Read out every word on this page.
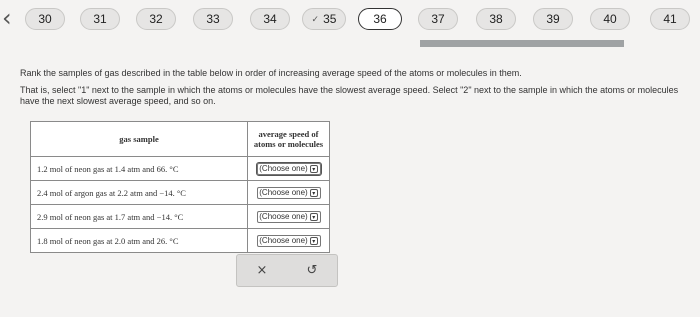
‹ 30	31	32	33	34	✓ 35	36	37	38	39	40	41

Rank the samples of gas described in the table below in order of increasing average speed of the atoms or molecules in them.

That is, select "1" next to the sample in which the atoms or molecules have the slowest average speed. Select "2" next to the sample in which the atoms or molecules have the next slowest average speed, and so on.

gas sample	average speed of atoms or molecules
1.2 mol of neon gas at 1.4 atm and 66. °C	(Choose one) ▾

2.4 mol of argon gas at 2.2 atm and −14. °C	(Choose one) ▾

2.9 mol of neon gas at 1.7 atm and −14. °C	(Choose one) ▾

1.8 mol of neon gas at 2.0 atm and 26. °C	(Choose one) ▾
×	↺
